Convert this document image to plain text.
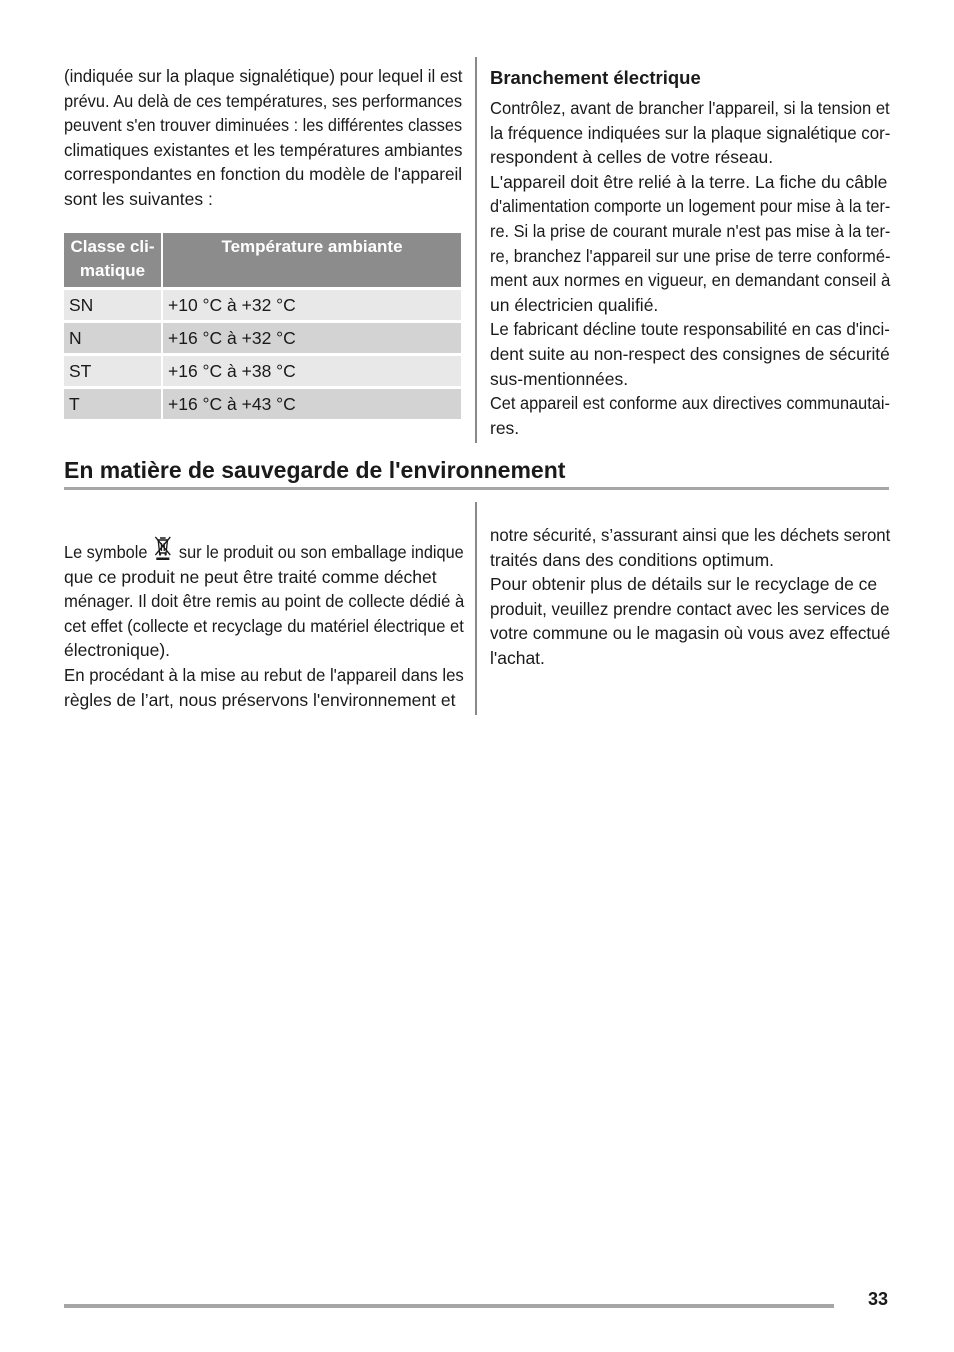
(indiquée sur la plaque signalétique) pour lequel il est

prévu. Au delà de ces températures, ses performances

peuvent s'en trouver diminuées : les différentes classes

climatiques existantes et les températures ambiantes

correspondantes en fonction du modèle de l'appareil

sont les suivantes :

Classe cli-
matique	Température ambiante
SN	+10 °C à +32 °C
N	+16 °C à +32 °C
ST	+16 °C à +38 °C
T	+16 °C à +43 °C
Branchement électrique

Contrôlez, avant de brancher l'appareil, si la tension et

la fréquence indiquées sur la plaque signalétique cor-

respondent à celles de votre réseau.

L'appareil doit être relié à la terre. La fiche du câble

d'alimentation comporte un logement pour mise à la ter-

re. Si la prise de courant murale n'est pas mise à la ter-

re, branchez l'appareil sur une prise de terre conformé-

ment aux normes en vigueur, en demandant conseil à

un électricien qualifié.

Le fabricant décline toute responsabilité en cas d'inci-

dent suite au non-respect des consignes de sécurité

sus-mentionnées.

Cet appareil est conforme aux directives communautai-

res.

En matière de sauvegarde de l'environnement

Le symbole sur le produit ou son emballage indique

que ce produit ne peut être traité comme déchet

ménager. Il doit être remis au point de collecte dédié à

cet effet (collecte et recyclage du matériel électrique et

électronique).

En procédant à la mise au rebut de l'appareil dans les

règles de l’art, nous préservons l'environnement et

notre sécurité, s’assurant ainsi que les déchets seront

traités dans des conditions optimum.

Pour obtenir plus de détails sur le recyclage de ce

produit, veuillez prendre contact avec les services de

votre commune ou le magasin où vous avez effectué

l'achat.

33
